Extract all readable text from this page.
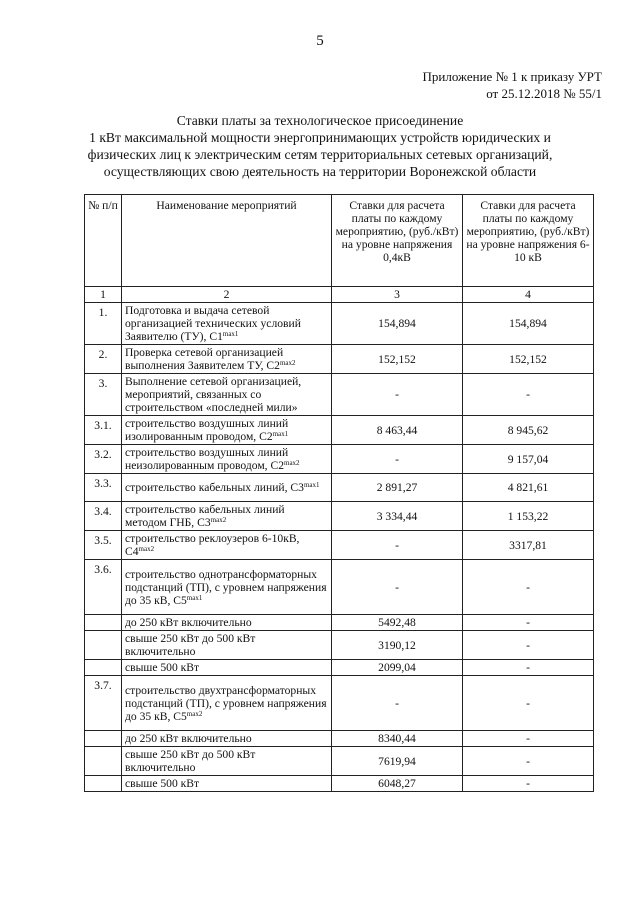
5
Приложение № 1 к приказу УРТ
от 25.12.2018 № 55/1
Ставки платы за технологическое присоединение
1 кВт максимальной мощности энергопринимающих устройств юридических и
физических лиц к электрическим сетям территориальных сетевых организаций,
осуществляющих свою деятельность на территории Воронежской области
№ п/п	Наименование мероприятий	Ставки для расчета платы по каждому мероприятию, (руб./кВт) на уровне напряжения 0,4кВ	Ставки для расчета платы по каждому мероприятию, (руб./кВт) на уровне напряжения 6-10 кВ
1	2	3	4
1.	Подготовка и выдача сетевой организацией технических условий Заявителю (ТУ), $С1^{max1}$	154,894	154,894
2.	Проверка сетевой организацией выполнения Заявителем ТУ, $С2^{max2}$	152,152	152,152
3.	Выполнение сетевой организацией, мероприятий, связанных со строительством «последней мили»	-	-
3.1.	строительство воздушных линий изолированным проводом, $С2^{max1}$	8 463,44	8 945,62
3.2.	строительство воздушных линий неизолированным проводом, $С2^{max2}$	-	9 157,04
3.3.	строительство кабельных линий, $С3^{max1}$	2 891,27	4 821,61
3.4.	строительство кабельных линий методом ГНБ, $С3^{max2}$	3 334,44	1 153,22
3.5.	строительство реклоузеров 6-10кВ, $С4^{max2}$	-	3317,81
3.6.	строительство однотрансформаторных подстанций (ТП), с уровнем напряжения до 35 кВ, $С5^{max1}$	-	-
	до 250 кВт включительно	5492,48	-
	свыше 250 кВт до 500 кВт включительно	3190,12	-
	свыше 500 кВт	2099,04	-
3.7.	строительство двухтрансформаторных подстанций (ТП), с уровнем напряжения до 35 кВ, $С5^{max2}$	-	-
	до 250 кВт включительно	8340,44	-
	свыше 250 кВт до 500 кВт включительно	7619,94	-
	свыше 500 кВт	6048,27	-
